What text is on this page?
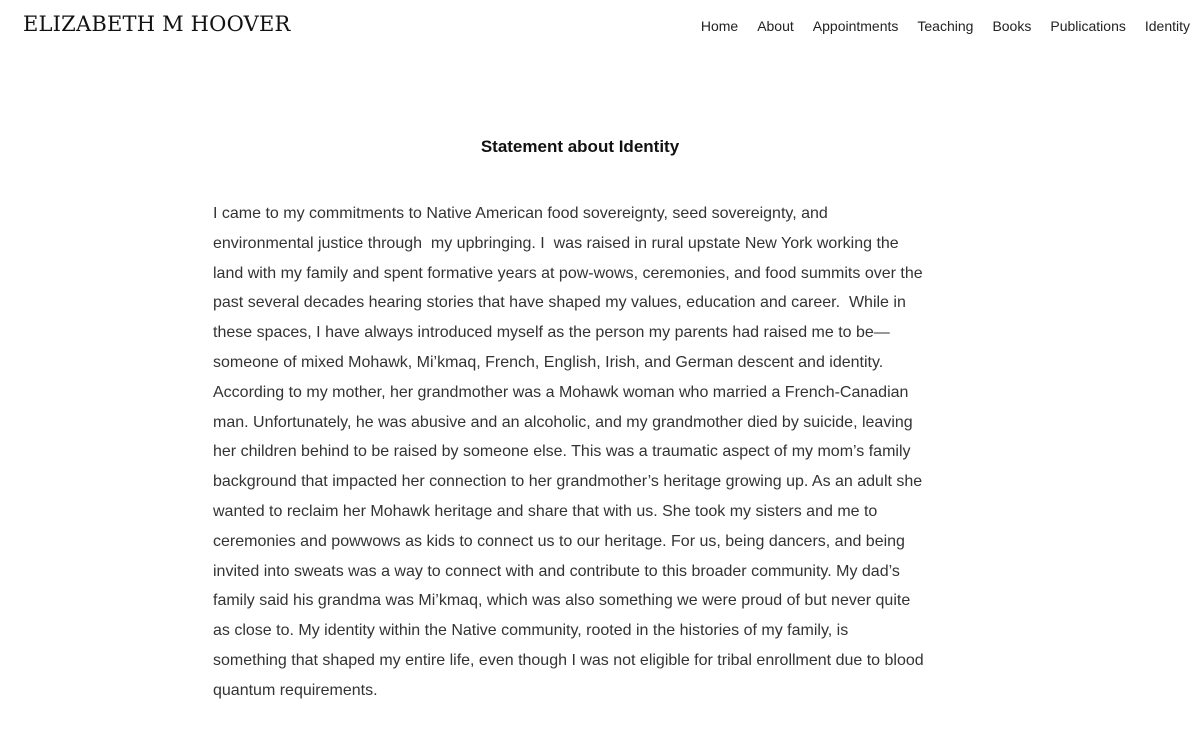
ELIZABETH M HOOVER	Home About Appointments Teaching Books Publications Identity
Statement about Identity

I came to my commitments to Native American food sovereignty, seed sovereignty, and environmental justice through  my upbringing. I  was raised in rural upstate New York working the land with my family and spent formative years at pow-wows, ceremonies, and food summits over the past several decades hearing stories that have shaped my values, education and career.  While in these spaces, I have always introduced myself as the person my parents had raised me to be—someone of mixed Mohawk, Mi’kmaq, French, English, Irish, and German descent and identity. According to my mother, her grandmother was a Mohawk woman who married a French-Canadian man. Unfortunately, he was abusive and an alcoholic, and my grandmother died by suicide, leaving her children behind to be raised by someone else. This was a traumatic aspect of my mom’s family background that impacted her connection to her grandmother’s heritage growing up. As an adult she wanted to reclaim her Mohawk heritage and share that with us. She took my sisters and me to ceremonies and powwows as kids to connect us to our heritage. For us, being dancers, and being invited into sweats was a way to connect with and contribute to this broader community. My dad’s family said his grandma was Mi’kmaq, which was also something we were proud of but never quite as close to. My identity within the Native community, rooted in the histories of my family, is something that shaped my entire life, even though I was not eligible for tribal enrollment due to blood quantum requirements.
